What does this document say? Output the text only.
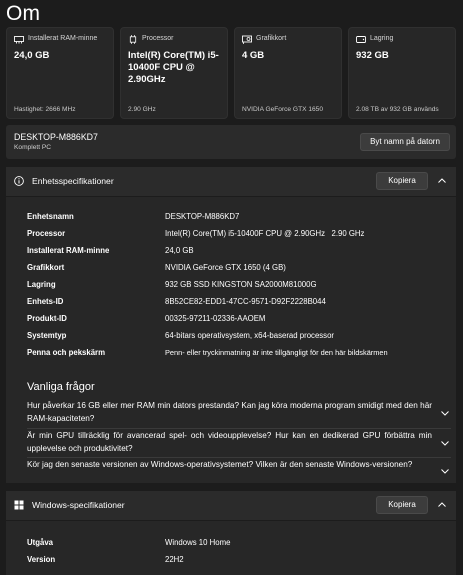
Om
Installerat RAM-minne
24,0 GB
Hastighet: 2666 MHz
Processor
Intel(R) Core(TM) i5-10400F CPU @ 2.90GHz
2.90 GHz
Grafikkort
4 GB
NVIDIA GeForce GTX 1650
Lagring
932 GB
2.08 TB av 932 GB används
DESKTOP-M886KD7
Komplett PC
Byt namn på datorn
Enhetsspecifikationer	Kopiera
Enhetsnamn	DESKTOP-M886KD7
Processor	Intel(R) Core(TM) i5-10400F CPU @ 2.90GHz   2.90 GHz
Installerat RAM-minne	24,0 GB
Grafikkort	NVIDIA GeForce GTX 1650 (4 GB)
Lagring	932 GB SSD KINGSTON SA2000M81000G
Enhets-ID	8B52CE82-EDD1-47CC-9571-D92F2228B044
Produkt-ID	00325-97211-02336-AAOEM
Systemtyp	64-bitars operativsystem, x64-baserad processor
Penna och pekskärm	Penn- eller tryckinmatning är inte tillgängligt för den här bildskärmen
Vanliga frågor
Hur påverkar 16 GB eller mer RAM min dators prestanda? Kan jag köra moderna program smidigt med den här RAM-kapaciteten?
Är min GPU tillräcklig för avancerad spel- och videoupplevelse? Hur kan en dedikerad GPU förbättra min upplevelse och produktivitet?
Kör jag den senaste versionen av Windows-operativsystemet? Vilken är den senaste Windows-versionen?
Windows-specifikationer	Kopiera
Utgåva	Windows 10 Home
Version	22H2
